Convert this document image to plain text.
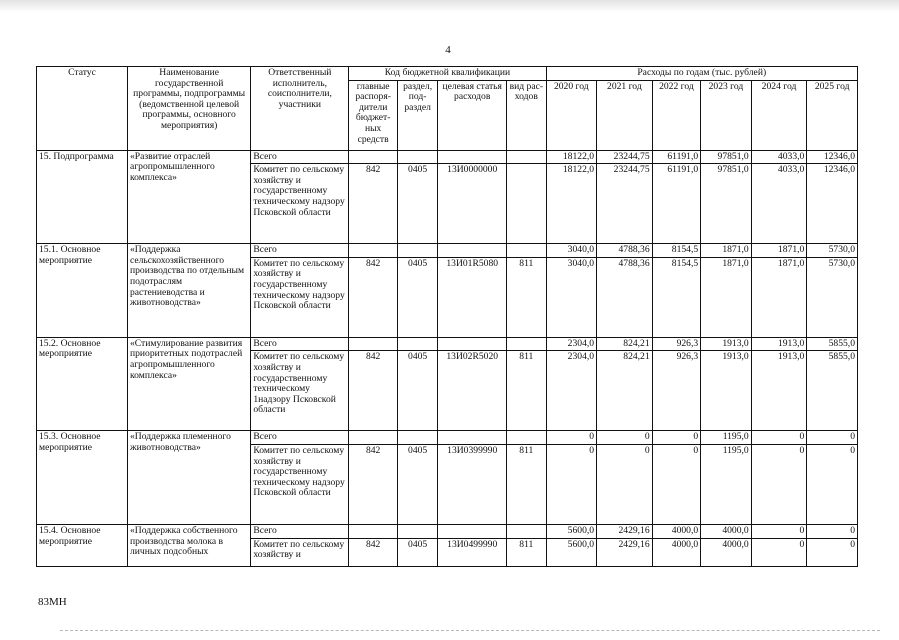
4
Статус	Наименование государственной программы, подпрограммы (ведомственной целевой программы, основного мероприятия)	Ответственный исполнитель, соисполнители, участники	Код бюджетной квалификации				Расходы по годам (тыс. рублей)					
			главные распоря-дители бюджет-ных средств	раздел, под-раздел	целевая статья расходов	вид рас-ходов	2020 год	2021 год	2022 год	2023 год	2024 год	2025 год
15. Подпрограмма	«Развитие отраслей агропромышленного комплекса»	Всего					18122,0	23244,75	61191,0	97851,0	4033,0	12346,0
		Комитет по сельскому хозяйству и государственному техническому надзору Псковской области	842	0405	13И0000000		18122,0	23244,75	61191,0	97851,0	4033,0	12346,0
15.1. Основное мероприятие	«Поддержка сельскохозяйственного производства по отдельным подотраслям растениеводства и животноводства»	Всего					3040,0	4788,36	8154,5	1871,0	1871,0	5730,0
		Комитет по сельскому хозяйству и государственному техническому надзору Псковской области	842	0405	13И01R5080	811	3040,0	4788,36	8154,5	1871,0	1871,0	5730,0
15.2. Основное мероприятие	«Стимулирование развития приоритетных подотраслей агропромышленного комплекса»	Всего					2304,0	824,21	926,3	1913,0	1913,0	5855,0
		Комитет по сельскому хозяйству и государственному техническому 1надзору Псковской области	842	0405	13И02R5020	811	2304,0	824,21	926,3	1913,0	1913,0	5855,0
15.3. Основное мероприятие	«Поддержка племенного животноводства»	Всего					0	0	0	1195,0	0	0
		Комитет по сельскому хозяйству и государственному техническому надзору Псковской области	842	0405	13И0399990	811	0	0	0	1195,0	0	0
15.4. Основное мероприятие	«Поддержка собственного производства молока в личных подсобных	Всего					5600,0	2429,16	4000,0	4000,0	0	0
		Комитет по сельскому хозяйству и	842	0405	13И0499990	811	5600,0	2429,16	4000,0	4000,0	0	0
83МН
